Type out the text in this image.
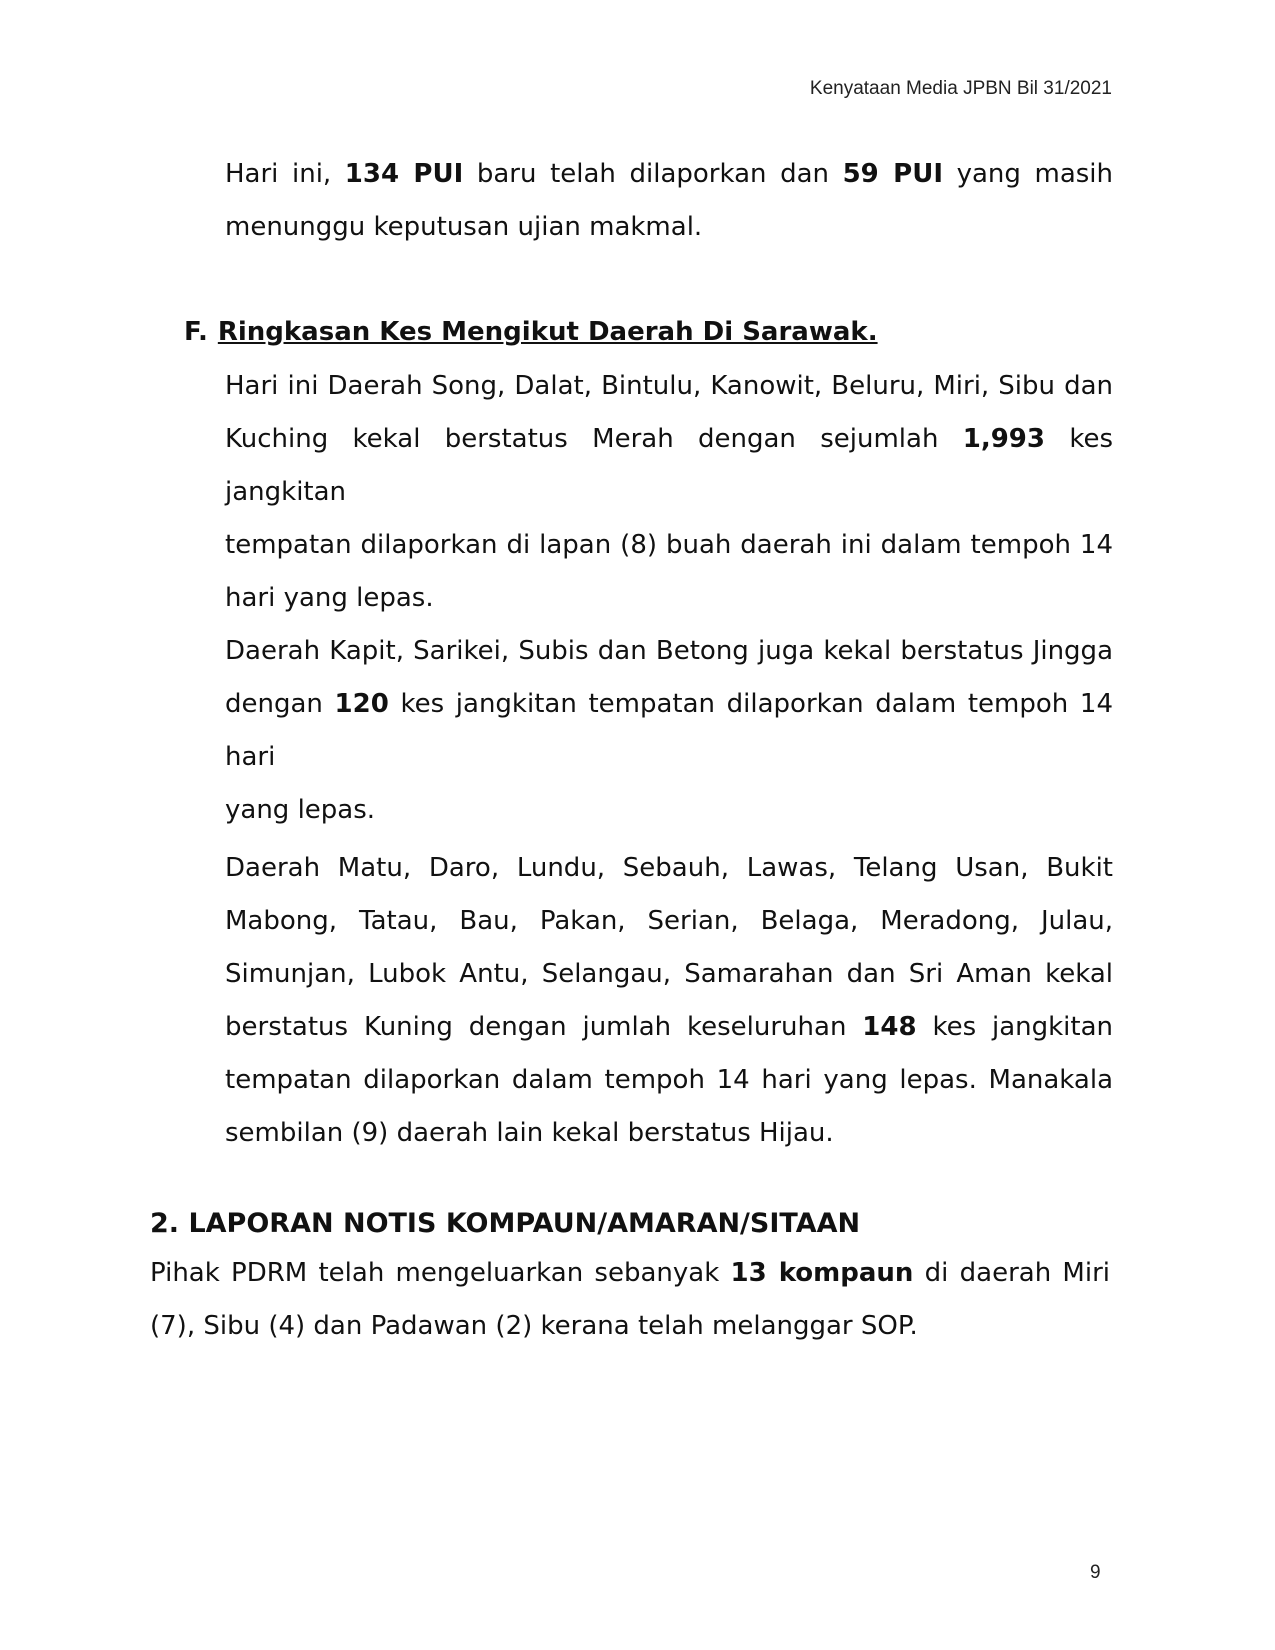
Kenyataan Media JPBN Bil 31/2021
Hari ini, 134 PUI baru telah dilaporkan dan 59 PUI yang masih
menunggu keputusan ujian makmal.
F. Ringkasan Kes Mengikut Daerah Di Sarawak.
Hari ini Daerah Song, Dalat, Bintulu, Kanowit, Beluru, Miri, Sibu dan
Kuching kekal berstatus Merah dengan sejumlah 1,993 kes jangkitan
tempatan dilaporkan di lapan (8) buah daerah ini dalam tempoh 14
hari yang lepas.
Daerah Kapit, Sarikei, Subis dan Betong juga kekal berstatus Jingga
dengan 120 kes jangkitan tempatan dilaporkan dalam tempoh 14 hari
yang lepas.
Daerah Matu, Daro, Lundu, Sebauh, Lawas, Telang Usan, Bukit
Mabong, Tatau, Bau, Pakan, Serian, Belaga, Meradong, Julau,
Simunjan, Lubok Antu, Selangau, Samarahan dan Sri Aman kekal
berstatus Kuning dengan jumlah keseluruhan 148 kes jangkitan
tempatan dilaporkan dalam tempoh 14 hari yang lepas. Manakala
sembilan (9) daerah lain kekal berstatus Hijau.
2. LAPORAN NOTIS KOMPAUN/AMARAN/SITAAN
Pihak PDRM telah mengeluarkan sebanyak 13 kompaun di daerah Miri
(7), Sibu (4) dan Padawan (2) kerana telah melanggar SOP.
9
